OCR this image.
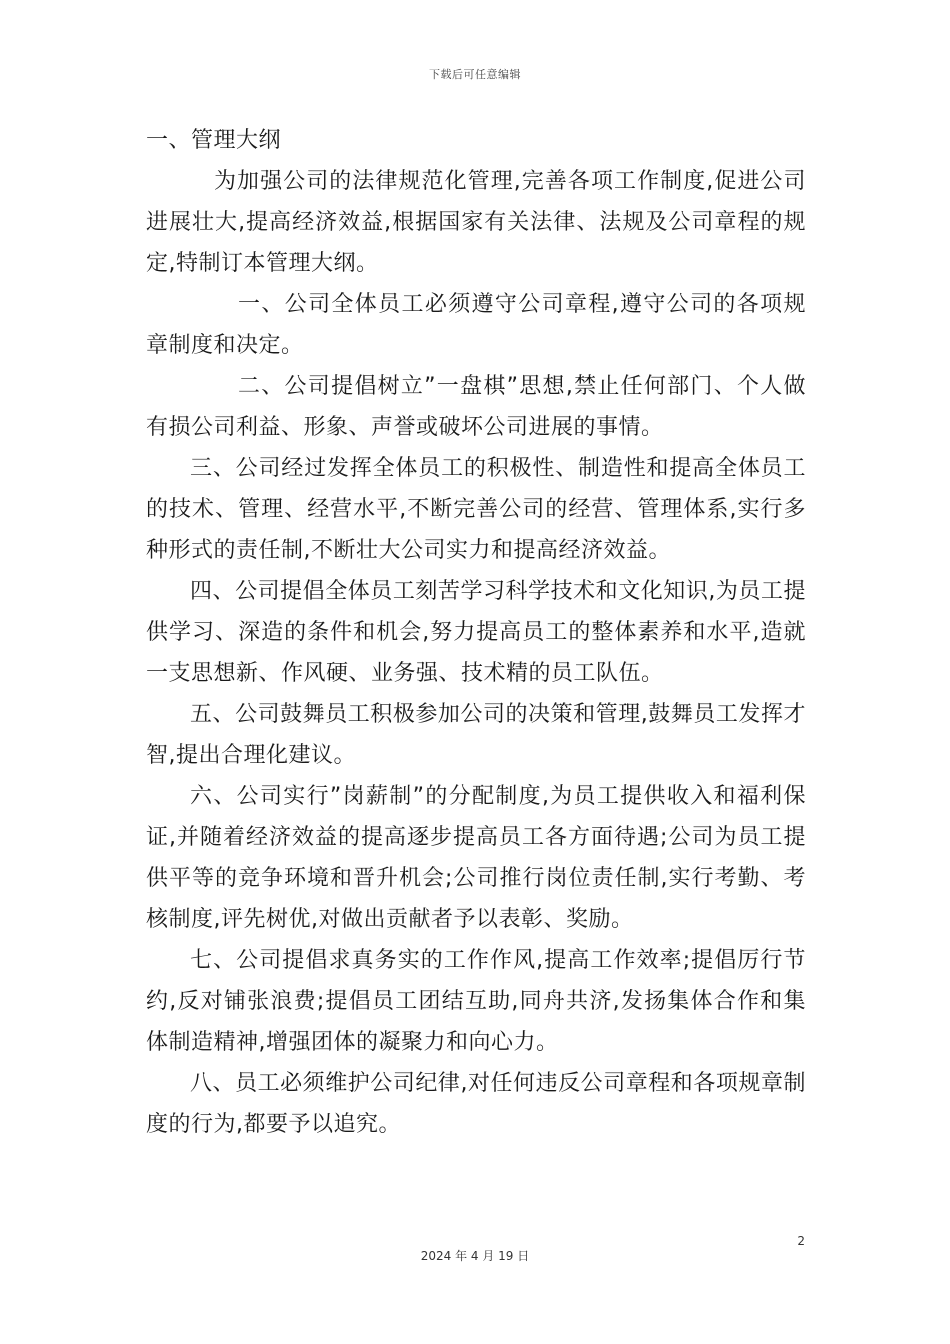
下载后可任意编辑

一、管理大纲

为加强公司的法律规范化管理,完善各项工作制度,促进公司进展壮大,提高经济效益,根据国家有关法律、法规及公司章程的规定,特制订本管理大纲。

一、公司全体员工必须遵守公司章程,遵守公司的各项规章制度和决定。

二、公司提倡树立”一盘棋”思想,禁止任何部门、个人做有损公司利益、形象、声誉或破坏公司进展的事情。

三、公司经过发挥全体员工的积极性、制造性和提高全体员工的技术、管理、经营水平,不断完善公司的经营、管理体系,实行多种形式的责任制,不断壮大公司实力和提高经济效益。

四、公司提倡全体员工刻苦学习科学技术和文化知识,为员工提供学习、深造的条件和机会,努力提高员工的整体素养和水平,造就一支思想新、作风硬、业务强、技术精的员工队伍。

五、公司鼓舞员工积极参加公司的决策和管理,鼓舞员工发挥才智,提出合理化建议。

六、公司实行”岗薪制”的分配制度,为员工提供收入和福利保证,并随着经济效益的提高逐步提高员工各方面待遇;公司为员工提供平等的竞争环境和晋升机会;公司推行岗位责任制,实行考勤、考核制度,评先树优,对做出贡献者予以表彰、奖励。

七、公司提倡求真务实的工作作风,提高工作效率;提倡厉行节约,反对铺张浪费;提倡员工团结互助,同舟共济,发扬集体合作和集体制造精神,增强团体的凝聚力和向心力。

八、员工必须维护公司纪律,对任何违反公司章程和各项规章制度的行为,都要予以追究。

2
2024 年 4 月 19 日
